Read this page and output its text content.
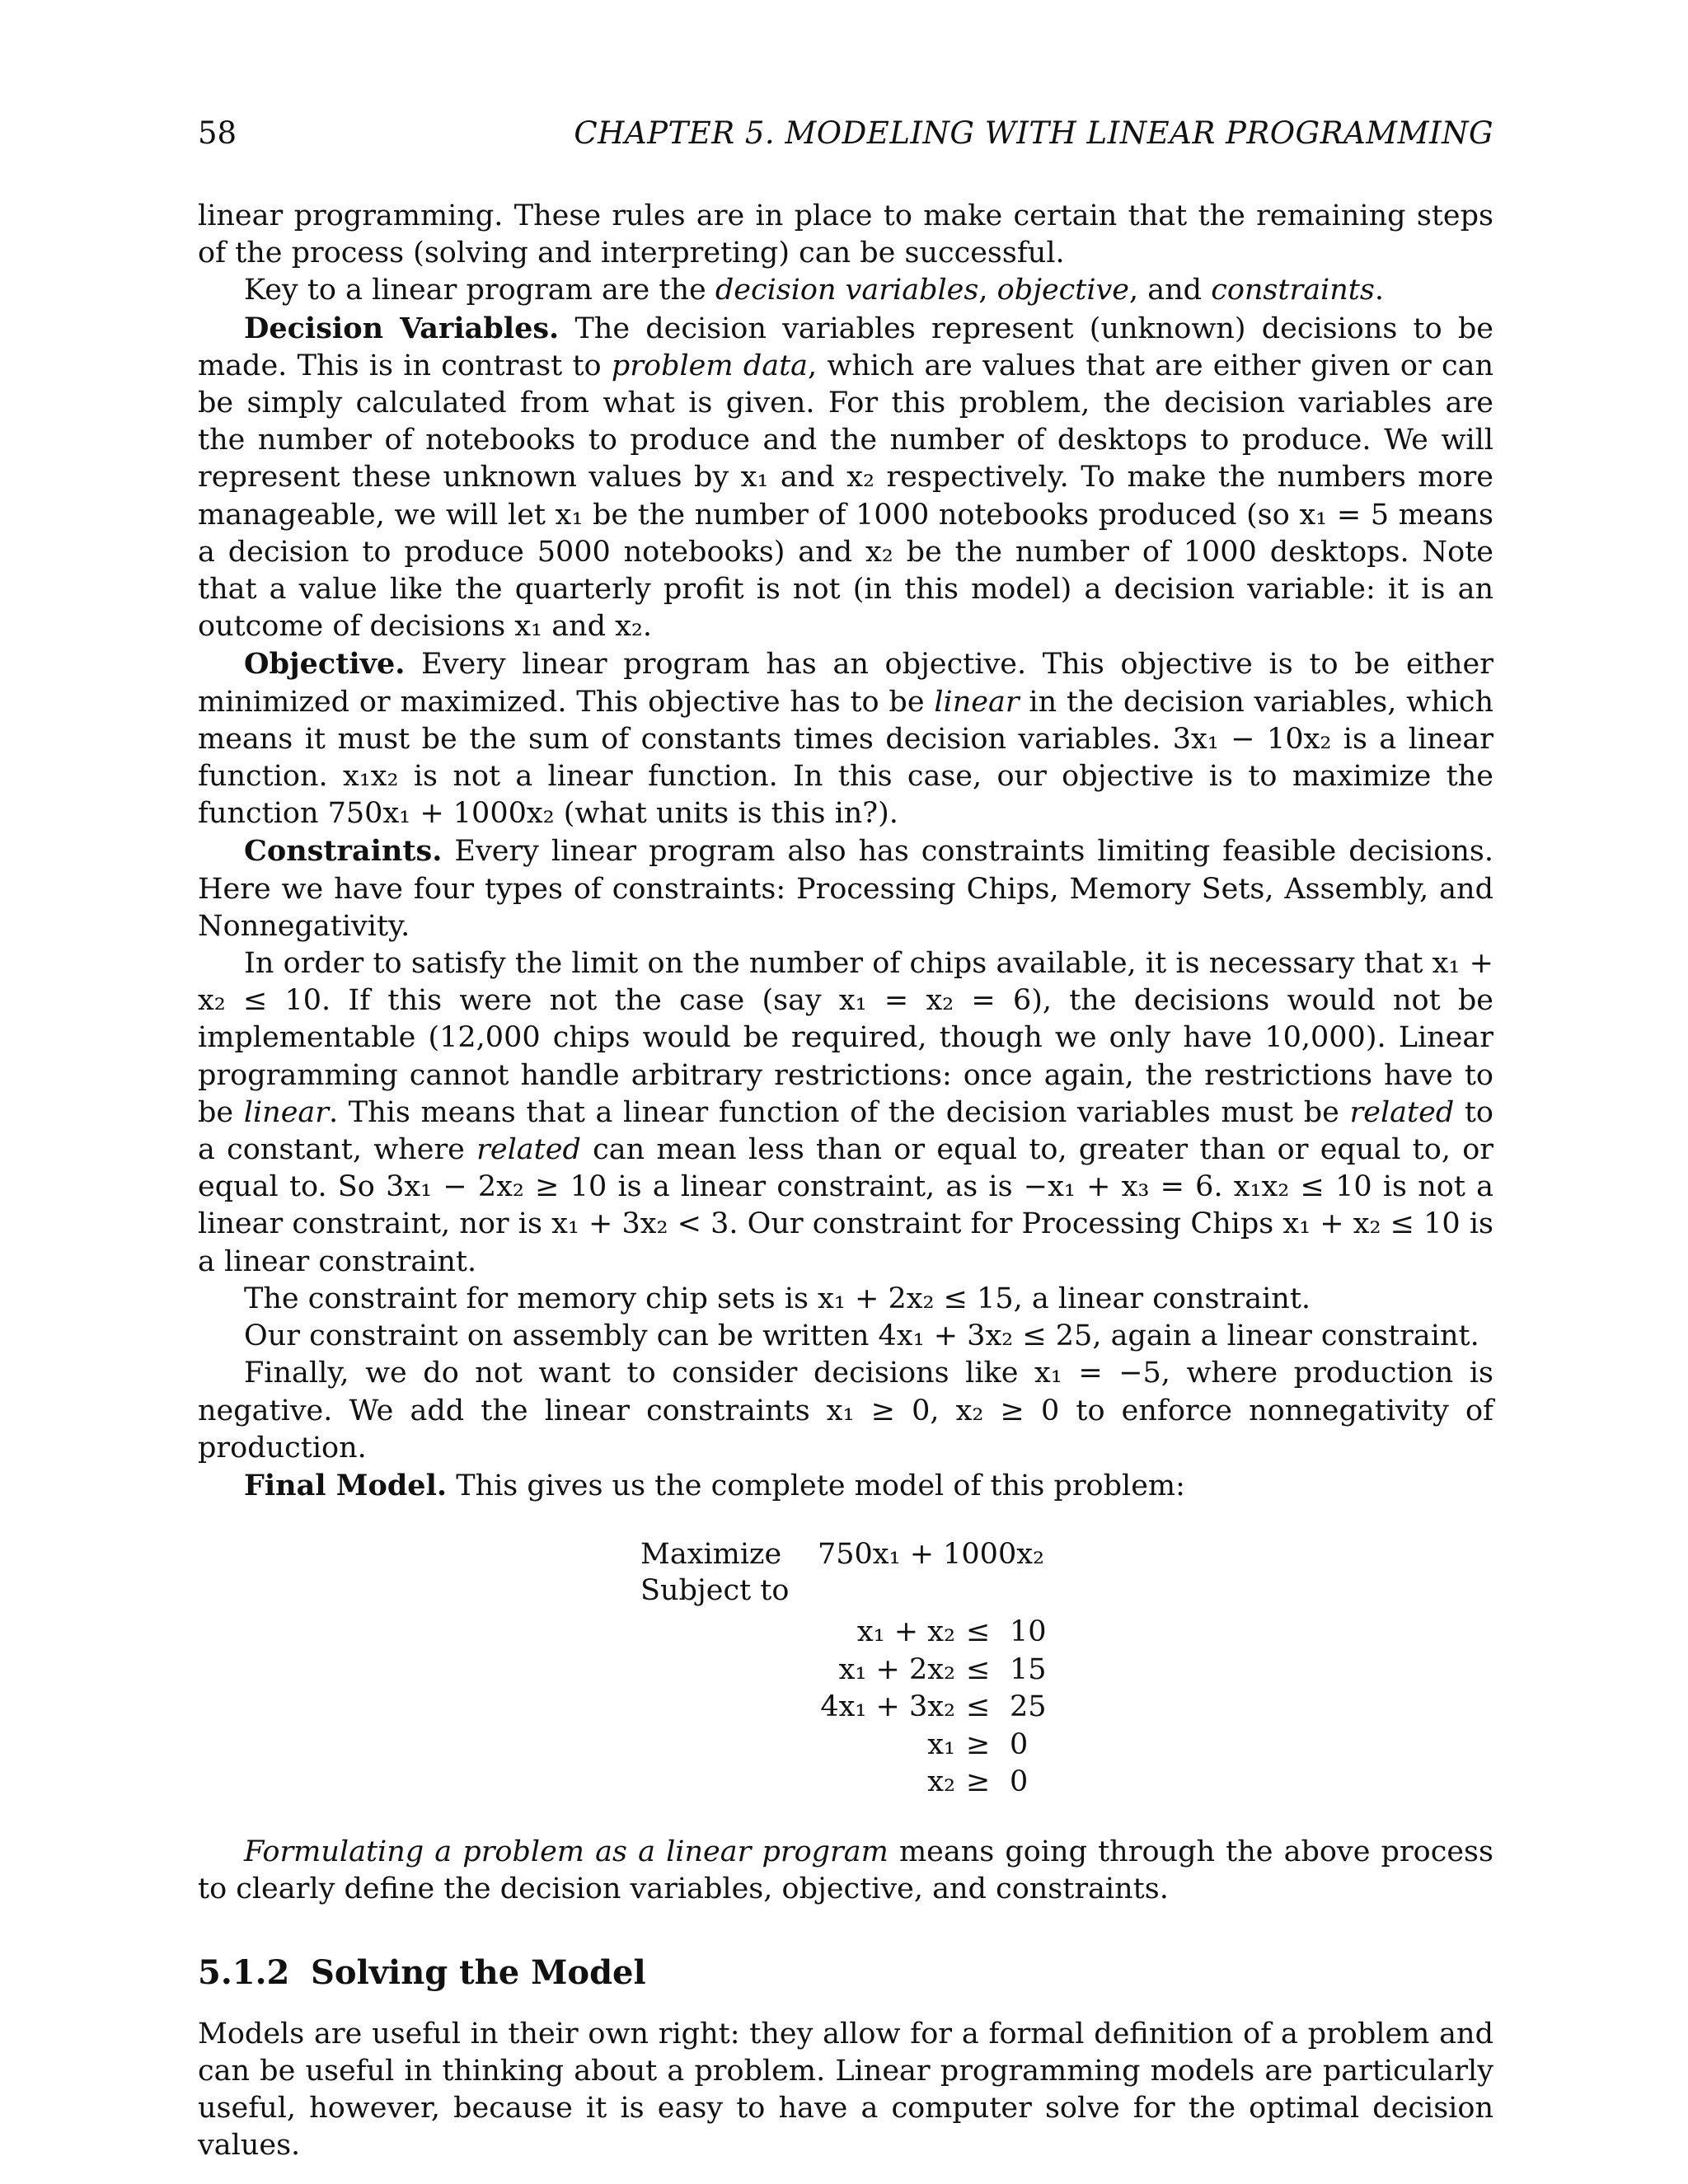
58	CHAPTER 5. MODELING WITH LINEAR PROGRAMMING

linear programming. These rules are in place to make certain that the remaining steps of the process (solving and interpreting) can be successful.

Key to a linear program are the decision variables, objective, and constraints.

Decision Variables. The decision variables represent (unknown) decisions to be made. This is in contrast to problem data, which are values that are either given or can be simply calculated from what is given. For this problem, the decision variables are the number of notebooks to produce and the number of desktops to produce. We will represent these unknown values by x₁ and x₂ respectively. To make the numbers more manageable, we will let x₁ be the number of 1000 notebooks produced (so x₁ = 5 means a decision to produce 5000 notebooks) and x₂ be the number of 1000 desktops. Note that a value like the quarterly profit is not (in this model) a decision variable: it is an outcome of decisions x₁ and x₂.

Objective. Every linear program has an objective. This objective is to be either minimized or maximized. This objective has to be linear in the decision variables, which means it must be the sum of constants times decision variables. 3x₁ − 10x₂ is a linear function. x₁x₂ is not a linear function. In this case, our objective is to maximize the function 750x₁ + 1000x₂ (what units is this in?).

Constraints. Every linear program also has constraints limiting feasible decisions. Here we have four types of constraints: Processing Chips, Memory Sets, Assembly, and Nonnegativity.

In order to satisfy the limit on the number of chips available, it is necessary that x₁ + x₂ ≤ 10. If this were not the case (say x₁ = x₂ = 6), the decisions would not be implementable (12,000 chips would be required, though we only have 10,000). Linear programming cannot handle arbitrary restrictions: once again, the restrictions have to be linear. This means that a linear function of the decision variables must be related to a constant, where related can mean less than or equal to, greater than or equal to, or equal to. So 3x₁ − 2x₂ ≥ 10 is a linear constraint, as is −x₁ + x₃ = 6. x₁x₂ ≤ 10 is not a linear constraint, nor is x₁ + 3x₂ < 3. Our constraint for Processing Chips x₁ + x₂ ≤ 10 is a linear constraint.

The constraint for memory chip sets is x₁ + 2x₂ ≤ 15, a linear constraint.

Our constraint on assembly can be written 4x₁ + 3x₂ ≤ 25, again a linear constraint.

Finally, we do not want to consider decisions like x₁ = −5, where production is negative. We add the linear constraints x₁ ≥ 0, x₂ ≥ 0 to enforce nonnegativity of production.

Final Model. This gives us the complete model of this problem:

Maximize 750x₁ + 1000x₂
Subject to
x₁ + x₂ ≤ 10
x₁ + 2x₂ ≤ 15
4x₁ + 3x₂ ≤ 25
x₁ ≥ 0
x₂ ≥ 0

Formulating a problem as a linear program means going through the above process to clearly define the decision variables, objective, and constraints.

5.1.2 Solving the Model

Models are useful in their own right: they allow for a formal definition of a problem and can be useful in thinking about a problem. Linear programming models are particularly useful, however, because it is easy to have a computer solve for the optimal decision values.
